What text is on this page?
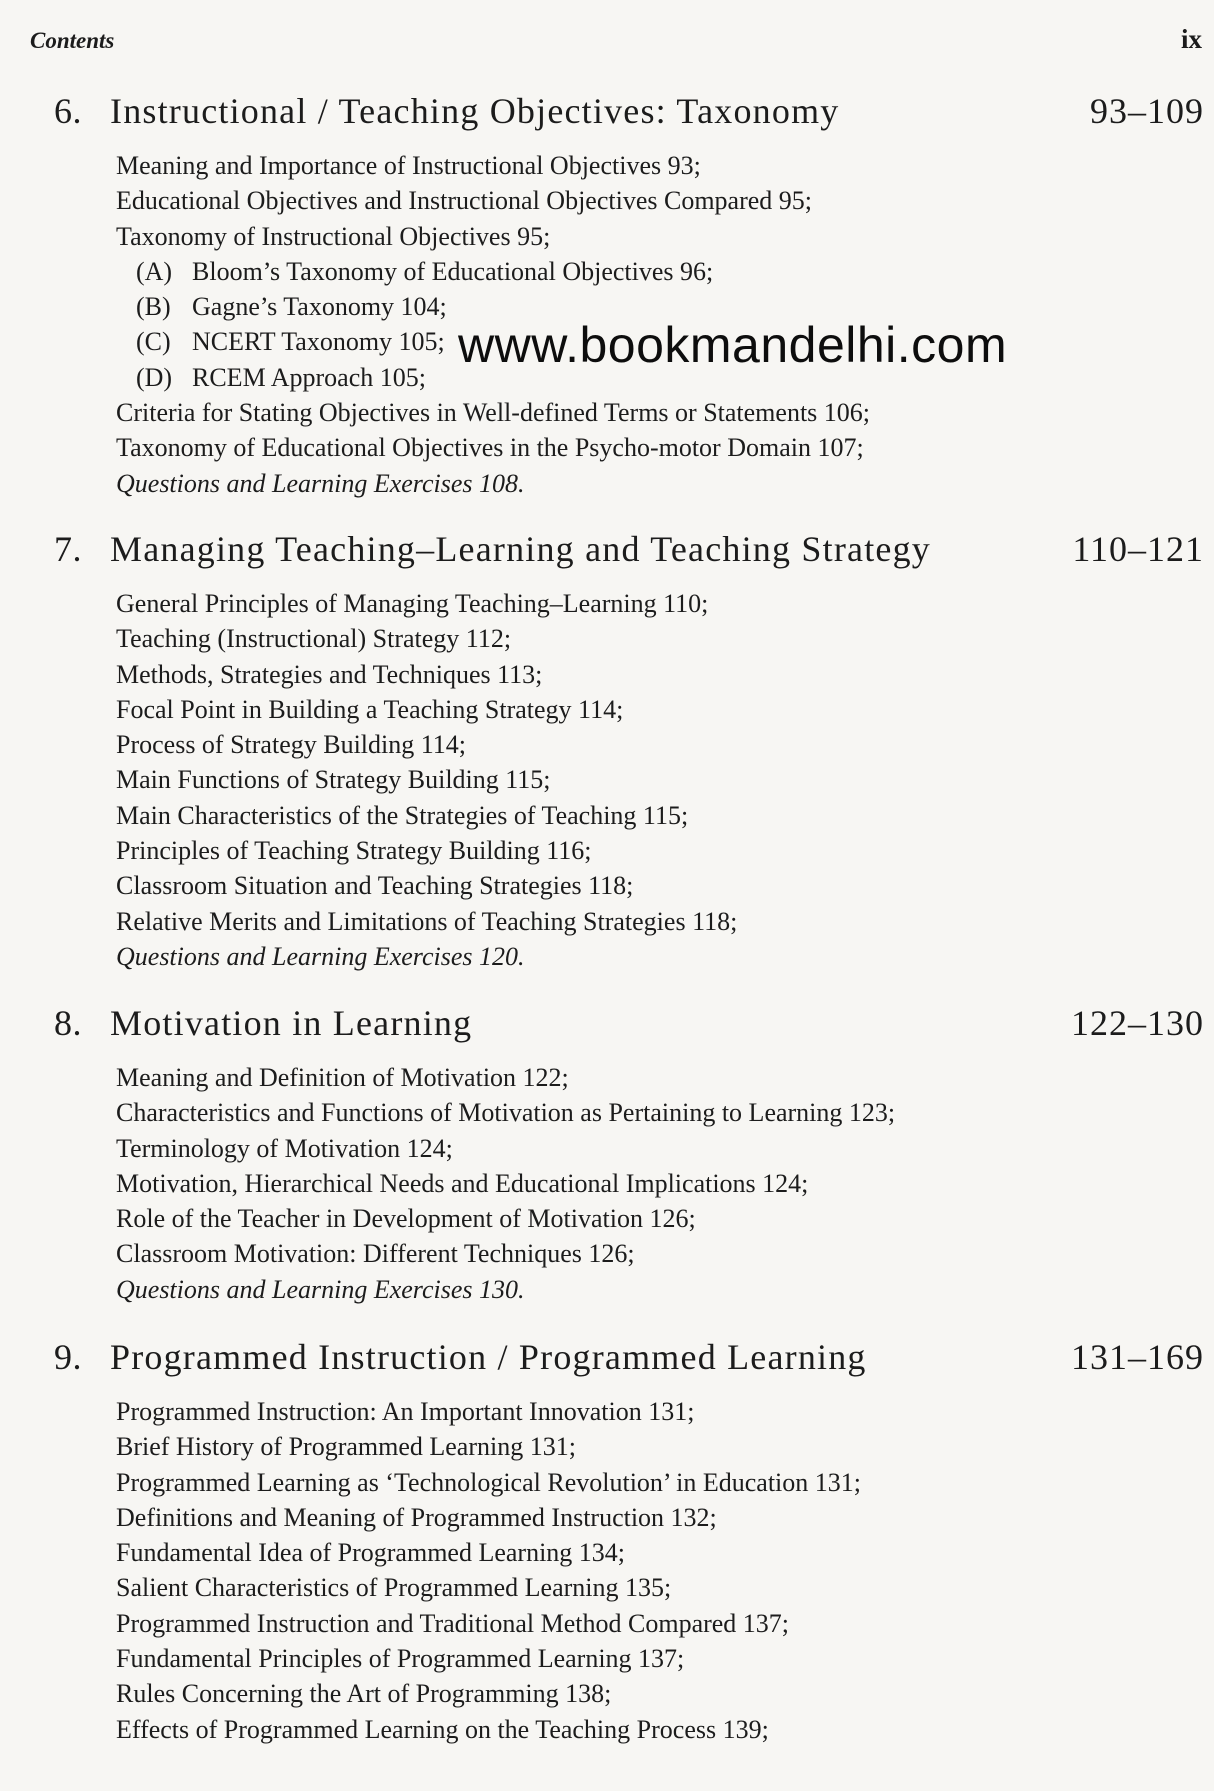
Contents	ix
6. Instructional / Teaching Objectives: Taxonomy	93–109
Meaning and Importance of Instructional Objectives 93;
Educational Objectives and Instructional Objectives Compared 95;
Taxonomy of Instructional Objectives 95;
(A) Bloom’s Taxonomy of Educational Objectives 96;
(B) Gagne’s Taxonomy 104;
(C) NCERT Taxonomy 105;
(D) RCEM Approach 105;
Criteria for Stating Objectives in Well-defined Terms or Statements 106;
Taxonomy of Educational Objectives in the Psycho-motor Domain 107;
Questions and Learning Exercises 108.
7. Managing Teaching–Learning and Teaching Strategy	110–121
General Principles of Managing Teaching–Learning 110;
Teaching (Instructional) Strategy 112;
Methods, Strategies and Techniques 113;
Focal Point in Building a Teaching Strategy 114;
Process of Strategy Building 114;
Main Functions of Strategy Building 115;
Main Characteristics of the Strategies of Teaching 115;
Principles of Teaching Strategy Building 116;
Classroom Situation and Teaching Strategies 118;
Relative Merits and Limitations of Teaching Strategies 118;
Questions and Learning Exercises 120.
8. Motivation in Learning	122–130
Meaning and Definition of Motivation 122;
Characteristics and Functions of Motivation as Pertaining to Learning 123;
Terminology of Motivation 124;
Motivation, Hierarchical Needs and Educational Implications 124;
Role of the Teacher in Development of Motivation 126;
Classroom Motivation: Different Techniques 126;
Questions and Learning Exercises 130.
9. Programmed Instruction / Programmed Learning	131–169
Programmed Instruction: An Important Innovation 131;
Brief History of Programmed Learning 131;
Programmed Learning as ‘Technological Revolution’ in Education 131;
Definitions and Meaning of Programmed Instruction 132;
Fundamental Idea of Programmed Learning 134;
Salient Characteristics of Programmed Learning 135;
Programmed Instruction and Traditional Method Compared 137;
Fundamental Principles of Programmed Learning 137;
Rules Concerning the Art of Programming 138;
Effects of Programmed Learning on the Teaching Process 139;
www.bookmandelhi.com
